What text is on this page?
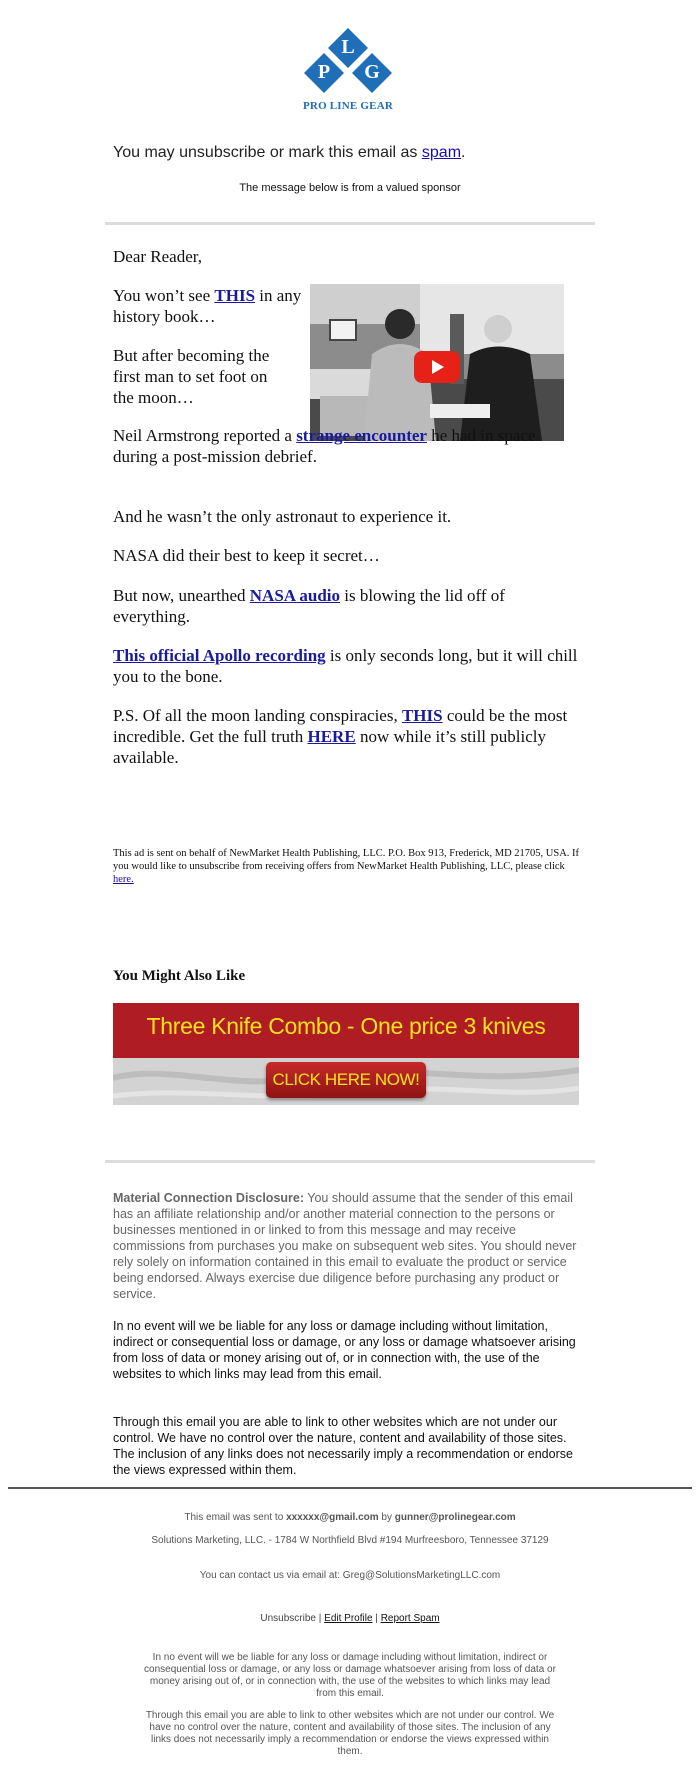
L
P G
PRO LINE GEAR
You may unsubscribe or mark this email as spam.
The message below is from a valued sponsor
Dear Reader,
You won’t see THIS in any history book…
But after becoming the first man to set foot on the moon…
Neil Armstrong reported a strange encounter he had in space during a post-mission debrief.
And he wasn’t the only astronaut to experience it.
NASA did their best to keep it secret…
But now, unearthed NASA audio is blowing the lid off of everything.
This official Apollo recording is only seconds long, but it will chill you to the bone.
P.S. Of all the moon landing conspiracies, THIS could be the most incredible. Get the full truth HERE now while it’s still publicly available.
This ad is sent on behalf of NewMarket Health Publishing, LLC. P.O. Box 913, Frederick, MD 21705, USA. If you would like to unsubscribe from receiving offers from NewMarket Health Publishing, LLC, please click here.
You Might Also Like
Three Knife Combo - One price 3 knives
CLICK HERE NOW!
Material Connection Disclosure: You should assume that the sender of this email has an affiliate relationship and/or another material connection to the persons or businesses mentioned in or linked to from this message and may receive commissions from purchases you make on subsequent web sites. You should never rely solely on information contained in this email to evaluate the product or service being endorsed. Always exercise due diligence before purchasing any product or service.
In no event will we be liable for any loss or damage including without limitation, indirect or consequential loss or damage, or any loss or damage whatsoever arising from loss of data or money arising out of, or in connection with, the use of the websites to which links may lead from this email.
Through this email you are able to link to other websites which are not under our control. We have no control over the nature, content and availability of those sites. The inclusion of any links does not necessarily imply a recommendation or endorse the views expressed within them.
This email was sent to xxxxxx@gmail.com by gunner@prolinegear.com
Solutions Marketing, LLC. - 1784 W Northfield Blvd #194 Murfreesboro, Tennessee 37129
You can contact us via email at: Greg@SolutionsMarketingLLC.com
Unsubscribe | Edit Profile | Report Spam
In no event will we be liable for any loss or damage including without limitation, indirect or consequential loss or damage, or any loss or damage whatsoever arising from loss of data or money arising out of, or in connection with, the use of the websites to which links may lead from this email.
Through this email you are able to link to other websites which are not under our control. We have no control over the nature, content and availability of those sites. The inclusion of any links does not necessarily imply a recommendation or endorse the views expressed within them.
